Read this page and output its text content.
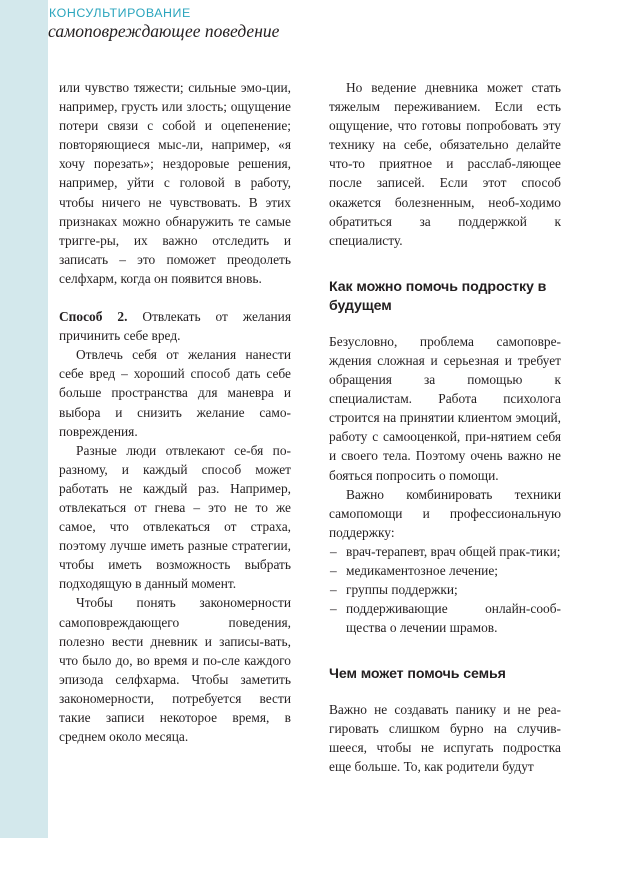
КОНСУЛЬТИРОВАНИЕ
самоповреждающее поведение

или чувство тяжести; сильные эмо-ции, например, грусть или злость; ощущение потери связи с собой и оцепенение; повторяющиеся мыс-ли, например, «я хочу порезать»; нездоровые решения, например, уйти с головой в работу, чтобы ничего не чувствовать. В этих признаках можно обнаружить те самые тригге-ры, их важно отследить и записать – это поможет преодолеть селфхарм, когда он появится вновь.

Способ 2. Отвлекать от желания причинить себе вред.

Отвлечь себя от желания нанести себе вред – хороший способ дать себе больше пространства для маневра и выбора и снизить желание само-повреждения.

Разные люди отвлекают се-бя по-разному, и каждый способ может работать не каждый раз. Например, отвлекаться от гнева – это не то же самое, что отвлекаться от страха, поэтому лучше иметь разные стратегии, чтобы иметь возможность выбрать подходящую в данный момент.

Чтобы понять закономерности самоповреждающего поведения, полезно вести дневник и записы-вать, что было до, во время и по-сле каждого эпизода селфхарма. Чтобы заметить закономерности, потребуется вести такие записи некоторое время, в среднем около месяца.

Но ведение дневника может стать тяжелым переживанием. Если есть ощущение, что готовы попробовать эту технику на себе, обязательно делайте что-то приятное и расслаб-ляющее после записей. Если этот способ окажется болезненным, необ-ходимо обратиться за поддержкой к специалисту.

Как можно помочь подростку в будущем

Безусловно, проблема самоповре-ждения сложная и серьезная и требует обращения за помощью к специалистам. Работа психолога строится на принятии клиентом эмоций, работу с самооценкой, при-нятием себя и своего тела. Поэтому очень важно не бояться попросить о помощи.

Важно комбинировать техники самопомощи и профессиональную поддержку:

– врач-терапевт, врач общей прак-тики;
– медикаментозное лечение;
– группы поддержки;
– поддерживающие онлайн-сооб-щества о лечении шрамов.
Чем может помочь семья

Важно не создавать панику и не реа-гировать слишком бурно на случив-шееся, чтобы не испугать подростка еще больше. То, как родители будут
